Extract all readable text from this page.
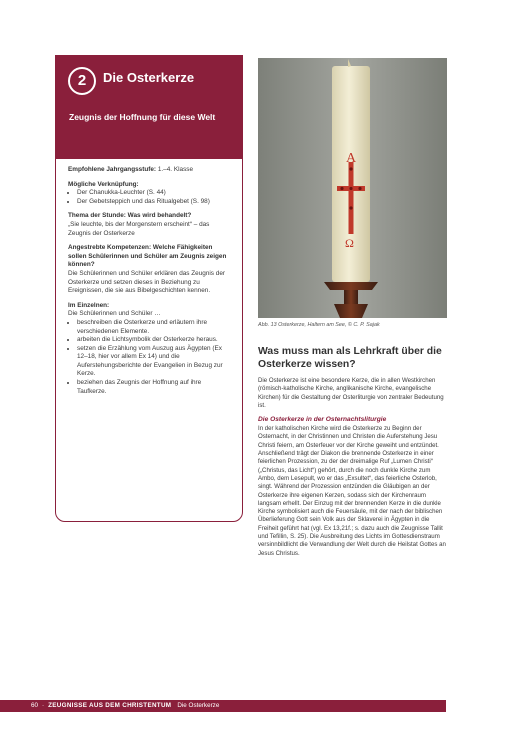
2	Die Osterkerze
Zeugnis der Hoffnung für diese Welt
Empfohlene Jahrgangsstufe: 1.–4. Klasse
Mögliche Verknüpfung:
• Der Chanukka-Leuchter (S. 44)
• Der Gebetsteppich und das Ritualgebet (S. 98)
Thema der Stunde: Was wird behandelt?
„Sie leuchte, bis der Morgenstern erscheint“ – das Zeugnis der Osterkerze
Angestrebte Kompetenzen: Welche Fähigkeiten sollen Schülerinnen und Schüler am Zeugnis zeigen können?
Die Schülerinnen und Schüler erklären das Zeugnis der Osterkerze und setzen dieses in Beziehung zu Ereignissen, die sie aus Bibelgeschichten kennen.
Im Einzelnen:
Die Schülerinnen und Schüler …
• beschreiben die Osterkerze und erläutern ihre verschiedenen Elemente.
• arbeiten die Lichtsymbolik der Osterkerze heraus.
• setzen die Erzählung vom Auszug aus Ägypten (Ex 12–18, hier vor allem Ex 14) und die Auferstehungsberichte der Evangelien in Bezug zur Kerze.
• beziehen das Zeugnis der Hoffnung auf ihre Taufkerze.
A
Ω
Abb. 13 Osterkerze, Haltern am See, © C. P. Sajak
Was muss man als Lehrkraft über die Osterkerze wissen?

Die Osterkerze ist eine besondere Kerze, die in allen Westkirchen (römisch-katholische Kirche, anglikanische Kirche, evangelische Kirchen) für die Gestaltung der Osterliturgie von zentraler Bedeutung ist.

Die Osterkerze in der Osternachtsliturgie

In der katholischen Kirche wird die Osterkerze zu Beginn der Osternacht, in der Christinnen und Christen die Auferstehung Jesu Christi feiern, am Osterfeuer vor der Kirche geweiht und entzündet. Anschließend trägt der Diakon die brennende Osterkerze in einer feierlichen Prozession, zu der der dreimalige Ruf „Lumen Christi“ („Christus, das Licht“) gehört, durch die noch dunkle Kirche zum Ambo, dem Lesepult, wo er das „Exsultet“, das feierliche Osterlob, singt. Während der Prozession entzünden die Gläubigen an der Osterkerze ihre eigenen Kerzen, sodass sich der Kirchenraum langsam erhellt. Der Einzug mit der brennenden Kerze in die dunkle Kirche symbolisiert auch die Feuersäule, mit der nach der biblischen Überlieferung Gott sein Volk aus der Sklaverei in Ägypten in die Freiheit geführt hat (vgl. Ex 13,21f.; s. dazu auch die Zeugnisse Tallit und Tefillin, S. 25). Die Ausbreitung des Lichts im Gottesdienstraum versinnbildlicht die Verwandlung der Welt durch die Heilstat Gottes an Jesus Christus.

60 · ZEUGNISSE AUS DEM CHRISTENTUM Die Osterkerze
